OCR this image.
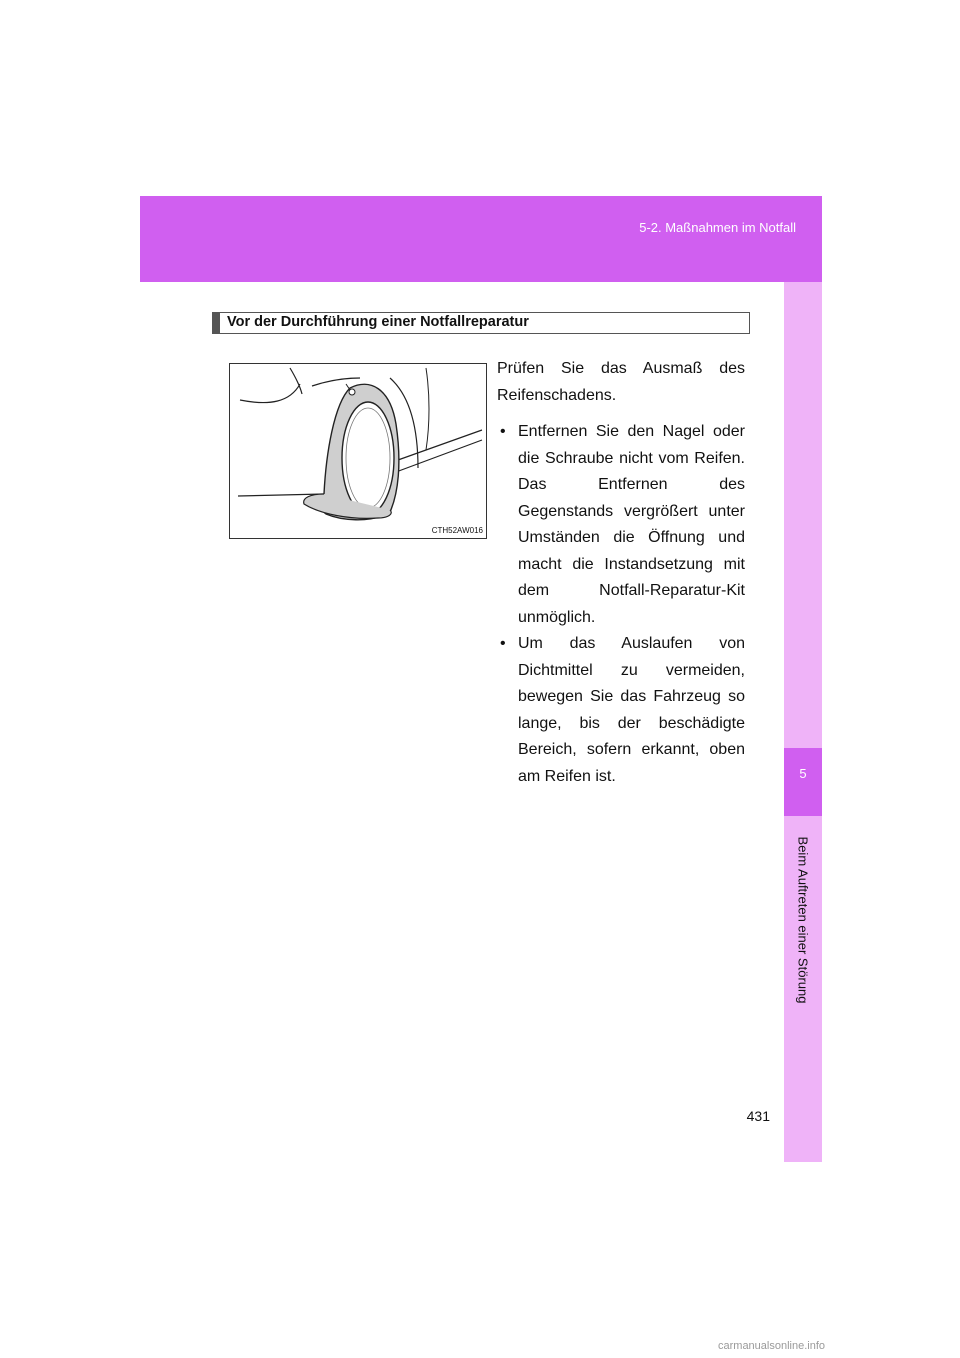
5-2. Maßnahmen im Notfall
5
Beim Auftreten einer Störung
Vor der Durchführung einer Notfallreparatur
CTH52AW016

Prüfen Sie das Ausmaß des Reifenschadens.

• Entfernen Sie den Nagel oder die Schraube nicht vom Reifen. Das Entfernen des Gegenstands vergrößert unter Umständen die Öffnung und macht die Instandsetzung mit dem Notfall-Reparatur-Kit unmöglich.
• Um das Auslaufen von Dichtmittel zu vermeiden, bewegen Sie das Fahrzeug so lange, bis der beschädigte Bereich, sofern erkannt, oben am Reifen ist.
431
carmanualsonline.info
